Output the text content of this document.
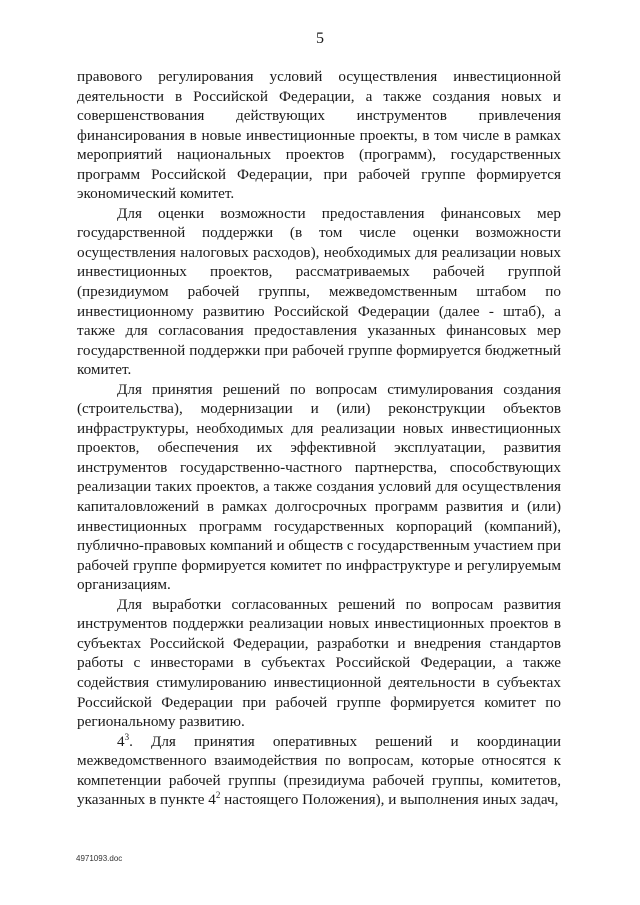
5

правового регулирования условий осуществления инвестиционной деятельности в Российской Федерации, а также создания новых и совершенствования действующих инструментов привлечения финансирования в новые инвестиционные проекты, в том числе в рамках мероприятий национальных проектов (программ), государственных программ Российской Федерации, при рабочей группе формируется экономический комитет.

Для оценки возможности предоставления финансовых мер государственной поддержки (в том числе оценки возможности осуществления налоговых расходов), необходимых для реализации новых инвестиционных проектов, рассматриваемых рабочей группой (президиумом рабочей группы, межведомственным штабом по инвестиционному развитию Российской Федерации (далее - штаб), а также для согласования предоставления указанных финансовых мер государственной поддержки при рабочей группе формируется бюджетный комитет.

Для принятия решений по вопросам стимулирования создания (строительства), модернизации и (или) реконструкции объектов инфраструктуры, необходимых для реализации новых инвестиционных проектов, обеспечения их эффективной эксплуатации, развития инструментов государственно-частного партнерства, способствующих реализации таких проектов, а также создания условий для осуществления капиталовложений в рамках долгосрочных программ развития и (или) инвестиционных программ государственных корпораций (компаний), публично-правовых компаний и обществ с государственным участием при рабочей группе формируется комитет по инфраструктуре и регулируемым организациям.

Для выработки согласованных решений по вопросам развития инструментов поддержки реализации новых инвестиционных проектов в субъектах Российской Федерации, разработки и внедрения стандартов работы с инвесторами в субъектах Российской Федерации, а также содействия стимулированию инвестиционной деятельности в субъектах Российской Федерации при рабочей группе формируется комитет по региональному развитию.

$4^3$. Для принятия оперативных решений и координации межведомственного взаимодействия по вопросам, которые относятся к компетенции рабочей группы (президиума рабочей группы, комитетов, указанных в пункте $4^2$ настоящего Положения), и выполнения иных задач,

4971093.doc
